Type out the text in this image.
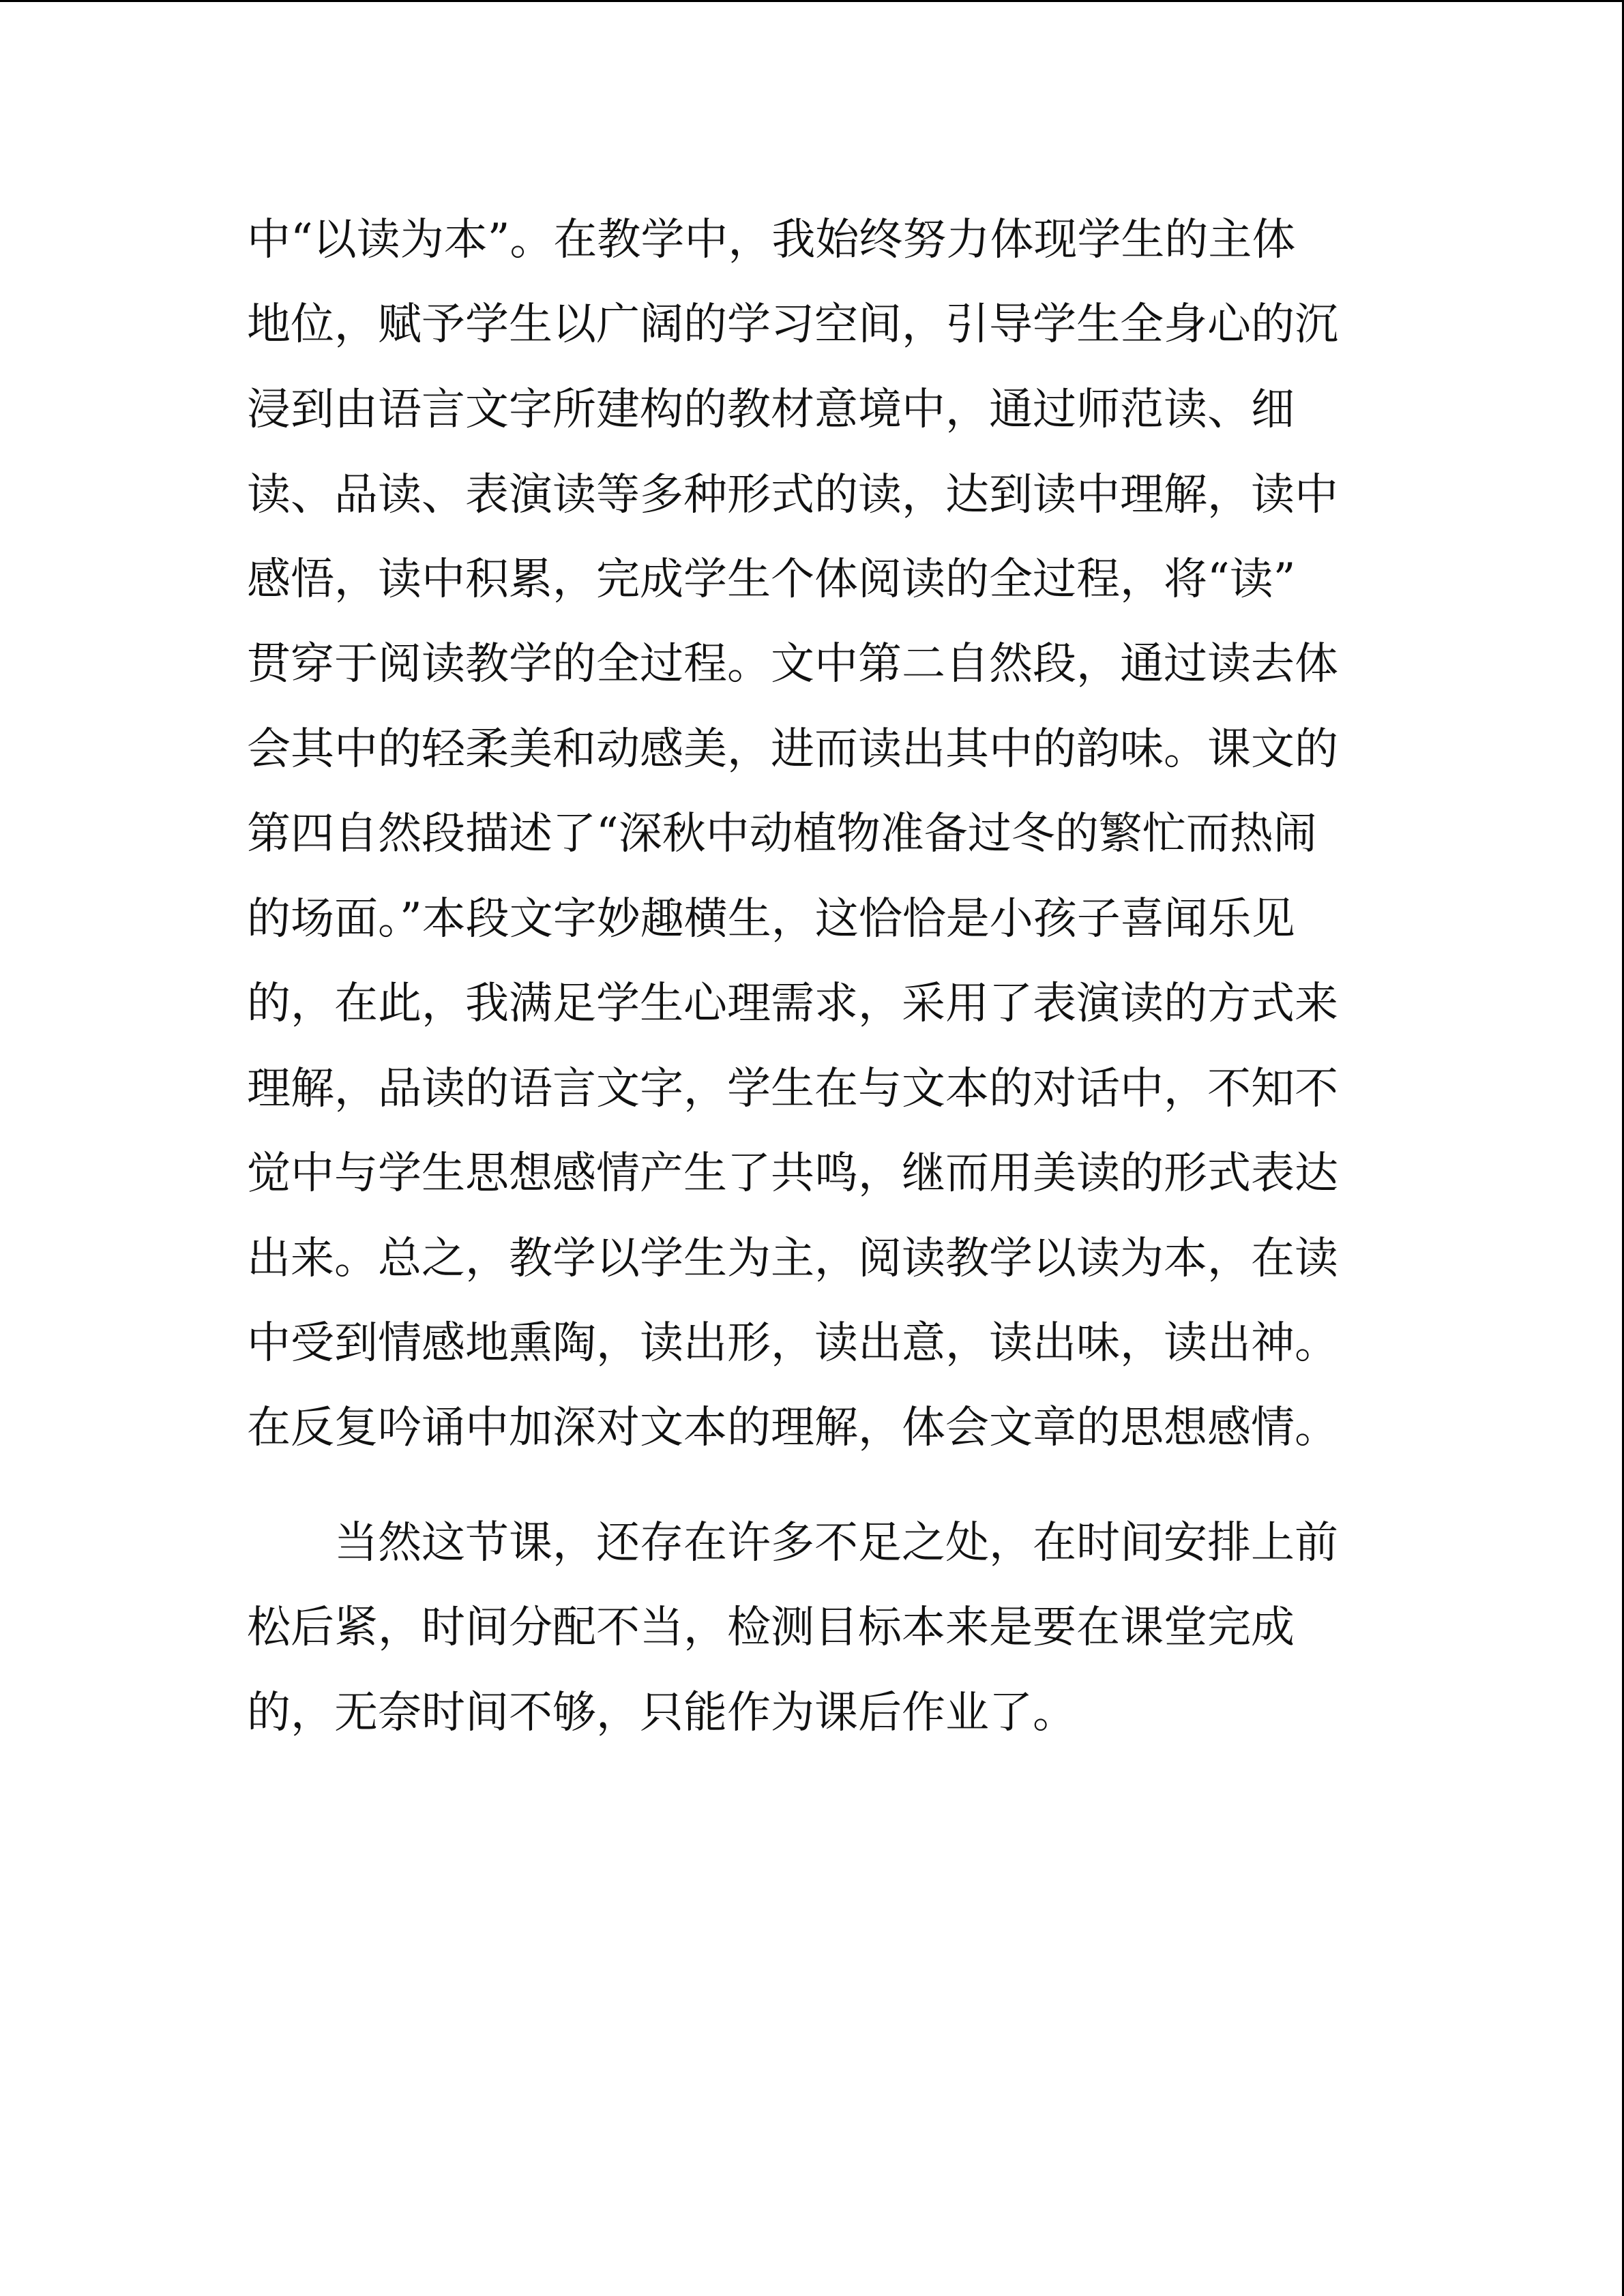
中“以读为本”。在教学中，我始终努力体现学生的主体
地位，赋予学生以广阔的学习空间，引导学生全身心的沉
浸到由语言文字所建构的教材意境中，通过师范读、细
读、品读、表演读等多种形式的读，达到读中理解，读中
感悟，读中积累，完成学生个体阅读的全过程，将“读”
贯穿于阅读教学的全过程。文中第二自然段，通过读去体
会其中的轻柔美和动感美，进而读出其中的韵味。课文的
第四自然段描述了“深秋中动植物准备过冬的繁忙而热闹
的场面。”本段文字妙趣横生，这恰恰是小孩子喜闻乐见
的，在此，我满足学生心理需求，采用了表演读的方式来
理解，品读的语言文字，学生在与文本的对话中，不知不
觉中与学生思想感情产生了共鸣，继而用美读的形式表达
出来。总之，教学以学生为主，阅读教学以读为本，在读
中受到情感地熏陶，读出形，读出意，读出味，读出神。
在反复吟诵中加深对文本的理解，体会文章的思想感情。
当然这节课，还存在许多不足之处，在时间安排上前
松后紧，时间分配不当，检测目标本来是要在课堂完成
的，无奈时间不够，只能作为课后作业了。
